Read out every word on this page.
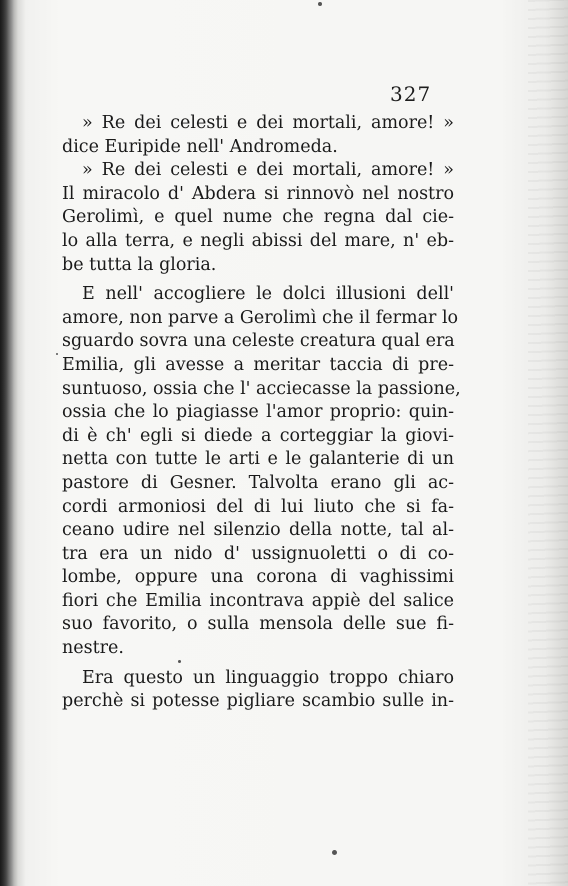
327
» Re dei celesti e dei mortali, amore! »
dice Euripide nell' Andromeda.
» Re dei celesti e dei mortali, amore! »
Il miracolo d' Abdera si rinnovò nel nostro
Gerolimì, e quel nume che regna dal cie-
lo alla terra, e negli abissi del mare, n' eb-
be tutta la gloria.
E nell' accogliere le dolci illusioni dell'
amore, non parve a Gerolimì che il fermar lo
sguardo sovra una celeste creatura qual era
Emilia, gli avesse a meritar taccia di pre-
suntuoso, ossia che l' acciecasse la passione,
ossia che lo piagiasse l'amor proprio: quin-
di è ch' egli si diede a corteggiar la giovi-
netta con tutte le arti e le galanterie di un
pastore di Gesner. Talvolta erano gli ac-
cordi armoniosi del di lui liuto che si fa-
ceano udire nel silenzio della notte, tal al-
tra era un nido d' ussignuoletti o di co-
lombe, oppure una corona di vaghissimi
fiori che Emilia incontrava appiè del salice
suo favorito, o sulla mensola delle sue fi-
nestre.
Era questo un linguaggio troppo chiaro
perchè si potesse pigliare scambio sulle in-
